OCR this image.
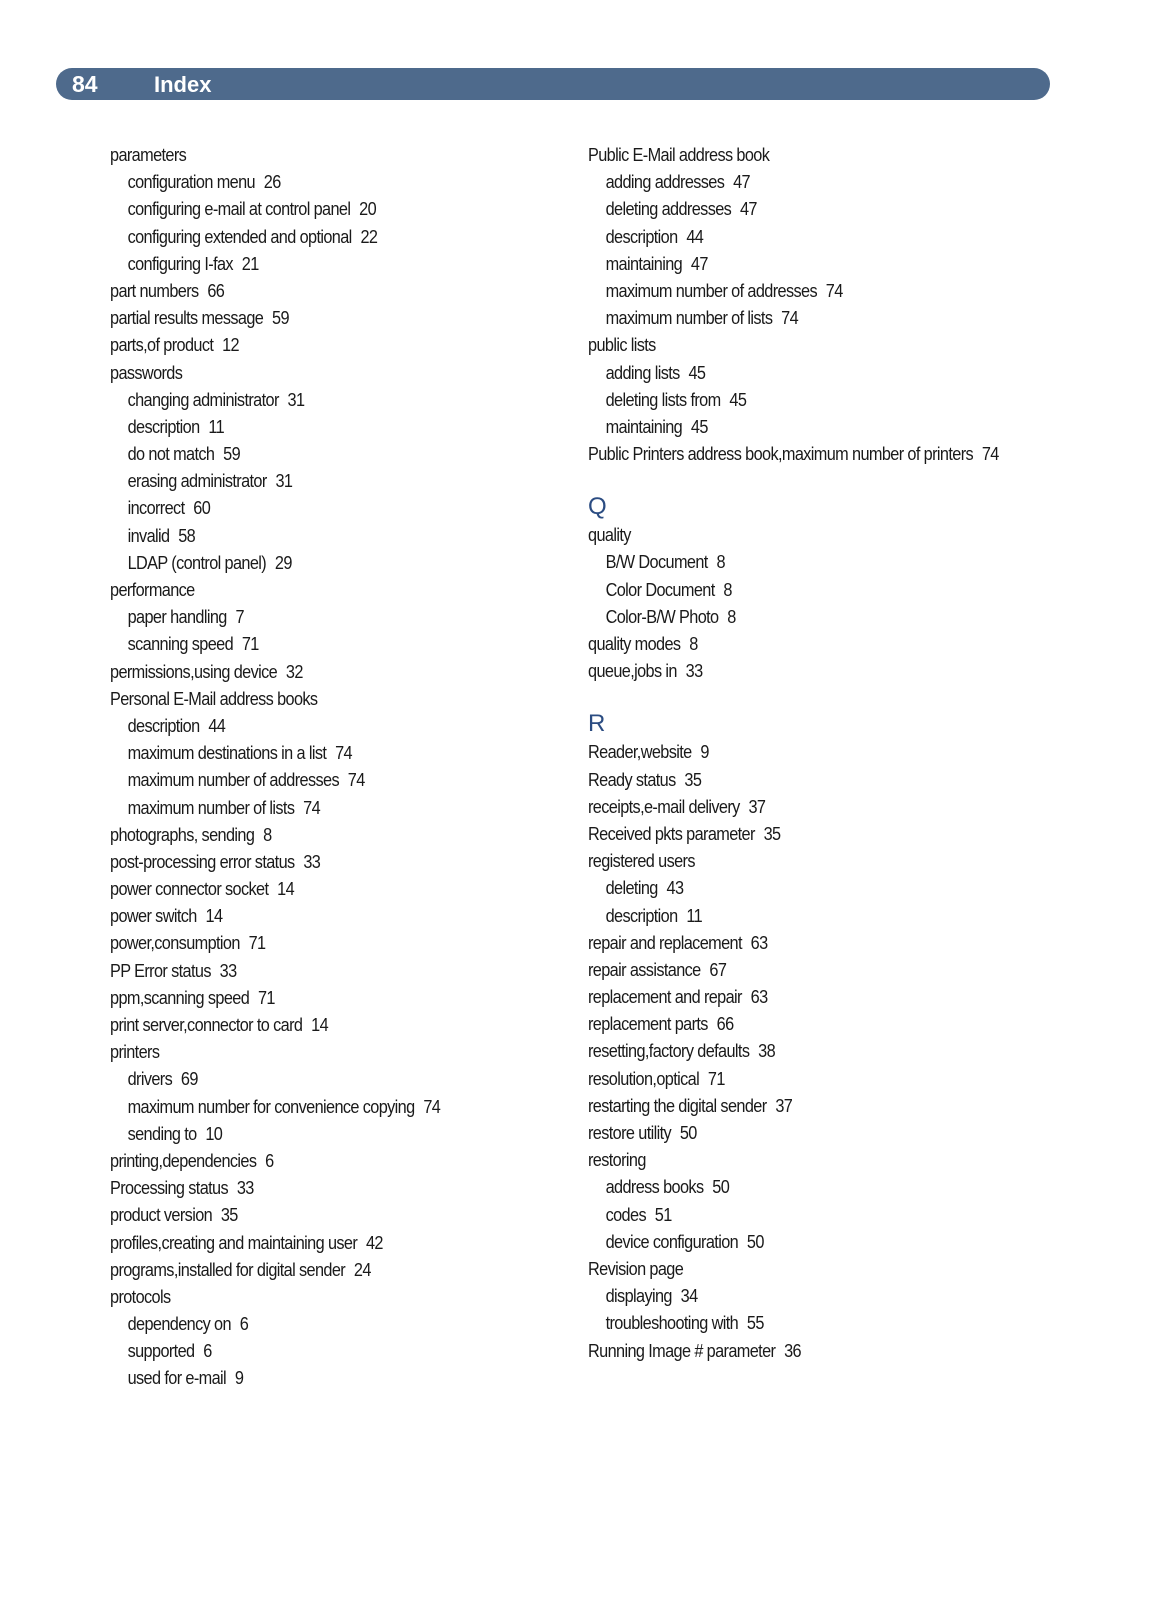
84	Index
parameters
configuration menu 26
configuring e-mail at control panel 20
configuring extended and optional 22
configuring I-fax 21
part numbers 66
partial results message 59
parts,of product 12
passwords
changing administrator 31
description 11
do not match 59
erasing administrator 31
incorrect 60
invalid 58
LDAP (control panel) 29
performance
paper handling 7
scanning speed 71
permissions,using device 32
Personal E-Mail address books
description 44
maximum destinations in a list 74
maximum number of addresses 74
maximum number of lists 74
photographs, sending 8
post-processing error status 33
power connector socket 14
power switch 14
power,consumption 71
PP Error status 33
ppm,scanning speed 71
print server,connector to card 14
printers
drivers 69
maximum number for convenience copying 74
sending to 10
printing,dependencies 6
Processing status 33
product version 35
profiles,creating and maintaining user 42
programs,installed for digital sender 24
protocols
dependency on 6
supported 6
used for e-mail 9
Public E-Mail address book
adding addresses 47
deleting addresses 47
description 44
maintaining 47
maximum number of addresses 74
maximum number of lists 74
public lists
adding lists 45
deleting lists from 45
maintaining 45
Public Printers address book,maximum number of printers 74
Q
quality
B/W Document 8
Color Document 8
Color-B/W Photo 8
quality modes 8
queue,jobs in 33
R
Reader,website 9
Ready status 35
receipts,e-mail delivery 37
Received pkts parameter 35
registered users
deleting 43
description 11
repair and replacement 63
repair assistance 67
replacement and repair 63
replacement parts 66
resetting,factory defaults 38
resolution,optical 71
restarting the digital sender 37
restore utility 50
restoring
address books 50
codes 51
device configuration 50
Revision page
displaying 34
troubleshooting with 55
Running Image # parameter 36
